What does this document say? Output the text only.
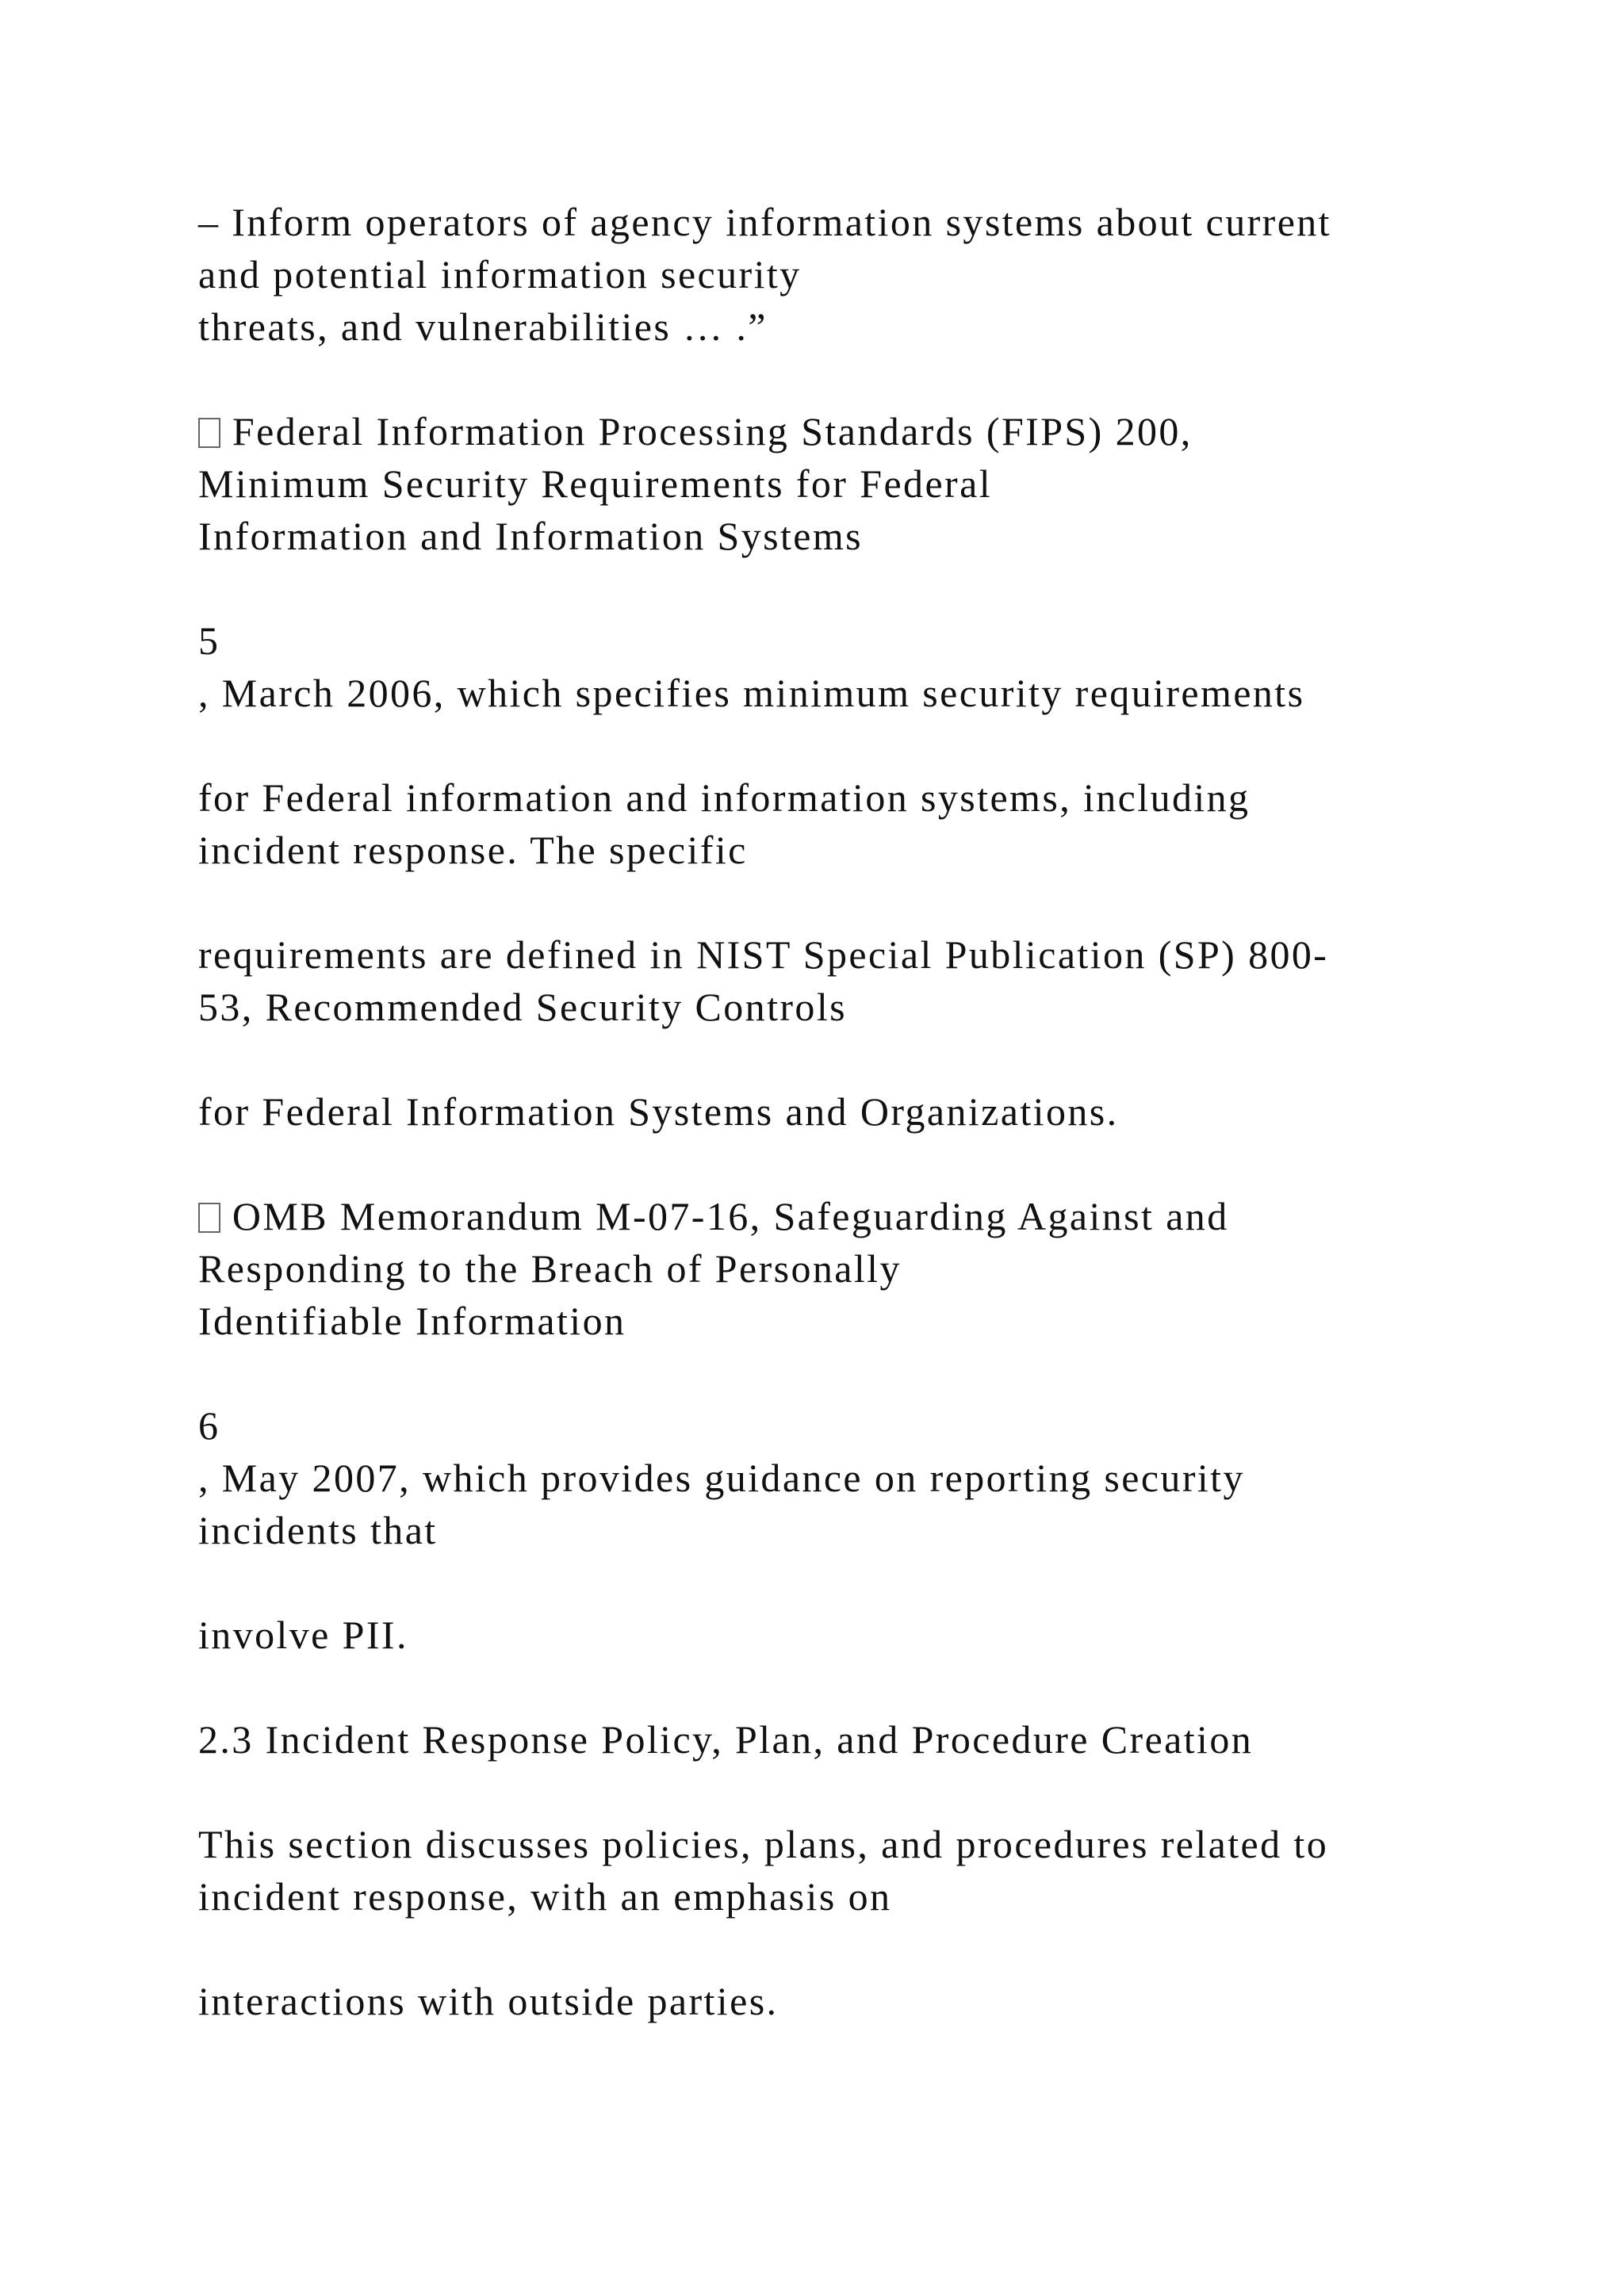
– Inform operators of agency information systems about current

and potential information security

threats, and vulnerabilities … .”

Federal Information Processing Standards (FIPS) 200,

Minimum Security Requirements for Federal

Information and Information Systems

5

, March 2006, which specifies minimum security requirements

for Federal information and information systems, including

incident response. The specific

requirements are defined in NIST Special Publication (SP) 800-

53, Recommended Security Controls

for Federal Information Systems and Organizations.

OMB Memorandum M-07-16, Safeguarding Against and

Responding to the Breach of Personally

Identifiable Information

6

, May 2007, which provides guidance on reporting security

incidents that

involve PII.

2.3 Incident Response Policy, Plan, and Procedure Creation

This section discusses policies, plans, and procedures related to

incident response, with an emphasis on

interactions with outside parties.
